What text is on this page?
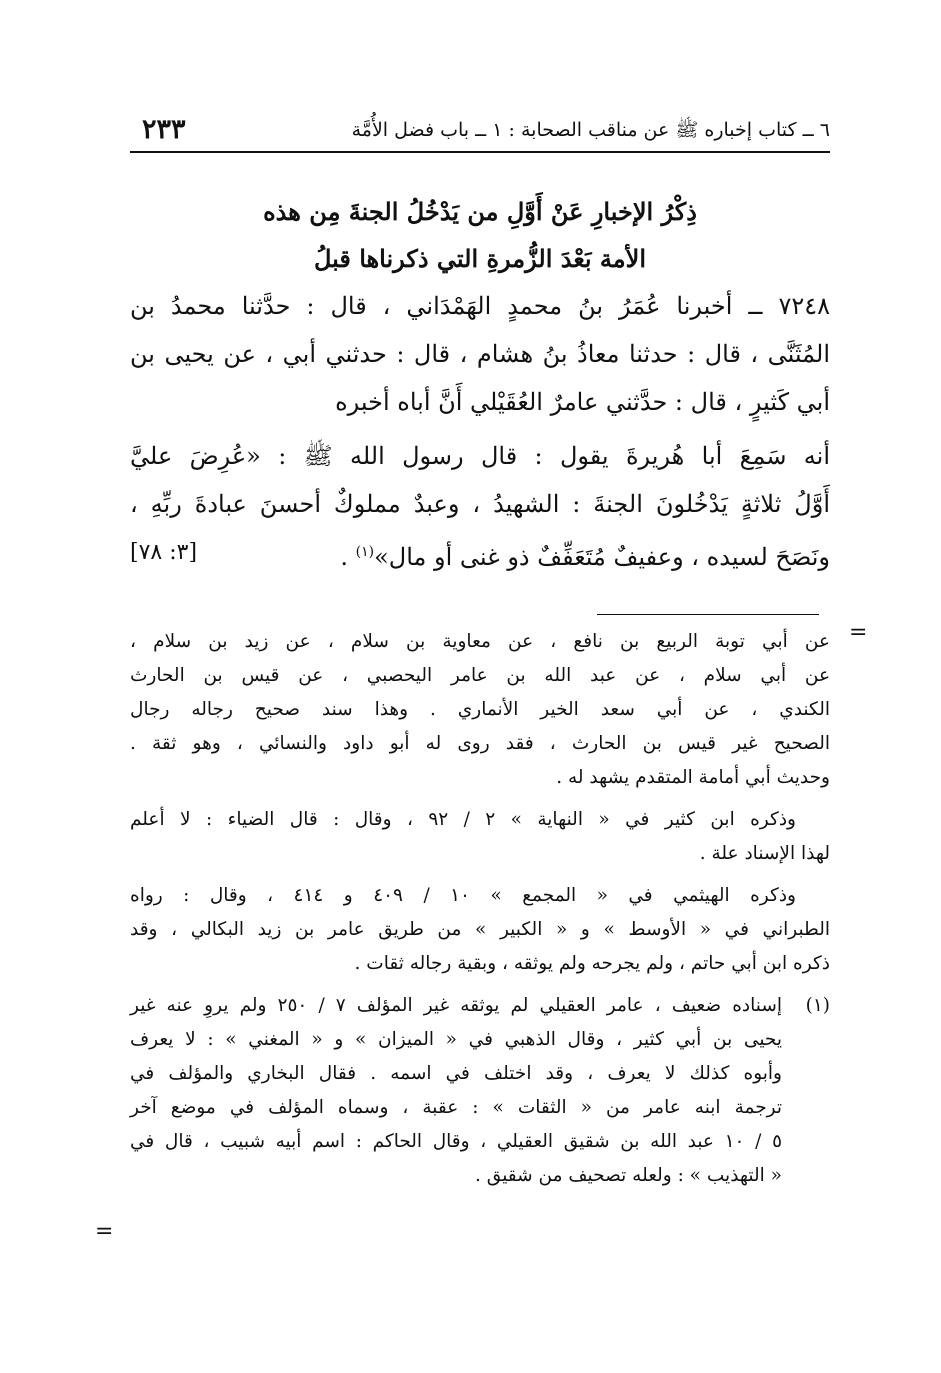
٦ ــ كتاب إخباره ﷺ عن مناقب الصحابة : ١ ــ باب فضل الأُمَّة
٢٣٣
ذِكْرُ الإخبارِ عَنْ أَوَّلِ من يَدْخُلُ الجنةَ مِن هذه
الأمة بَعْدَ الزُّمرةِ التي ذكرناها قبلُ
٧٢٤٨ ــ أخبرنا عُمَرُ بنُ محمدٍ الهَمْدَاني ، قال : حدَّثنا محمدُ بن
المُثَنَّى ، قال : حدثنا معاذُ بنُ هشام ، قال : حدثني أبي ، عن يحيى بن
أبي كَثيرٍ ، قال : حدَّثني عامرٌ العُقَيْلي أَنَّ أباه أخبره
أنه سَمِعَ أبا هُريرةَ يقول : قال رسول الله ﷺ : «عُرِضَ عليَّ
أَوَّلُ ثلاثةٍ يَدْخُلونَ الجنةَ : الشهيدُ ، وعبدٌ مملوكٌ أحسنَ عبادةَ ربِّهِ ،
ونَصَحَ لسيده ، وعفيفٌ مُتَعَفِّفٌ ذو غنى أو مال»$^{(١)}$ .
[٣: ٧٨]
=
عن أبي توبة الربيع بن نافع ، عن معاوية بن سلام ، عن زيد بن سلام ،
عن أبي سلام ، عن عبد الله بن عامر اليحصبي ، عن قيس بن الحارث
الكندي ، عن أبي سعد الخير الأنماري . وهذا سند صحيح رجاله رجال
الصحيح غير قيس بن الحارث ، فقد روى له أبو داود والنسائي ، وهو ثقة .
وحديث أبي أمامة المتقدم يشهد له .
وذكره ابن كثير في « النهاية » ٢ / ٩٢ ، وقال : قال الضياء : لا أعلم
لهذا الإسناد علة .
وذكره الهيثمي في « المجمع » ١٠ / ٤٠٩ و ٤١٤ ، وقال : رواه
الطبراني في « الأوسط » و « الكبير » من طريق عامر بن زيد البكالي ، وقد
ذكره ابن أبي حاتم ، ولم يجرحه ولم يوثقه ، وبقية رجاله ثقات .
(١)
إسناده ضعيف ، عامر العقيلي لم يوثقه غير المؤلف ٧ / ٢٥٠ ولم يروِ عنه غير
يحيى بن أبي كثير ، وقال الذهبي في « الميزان » و « المغني » : لا يعرف
وأبوه كذلك لا يعرف ، وقد اختلف في اسمه . فقال البخاري والمؤلف في
ترجمة ابنه عامر من « الثقات » : عقبة ، وسماه المؤلف في موضع آخر
٥ / ١٠ عبد الله بن شقيق العقيلي ، وقال الحاكم : اسم أبيه شبيب ، قال في
« التهذيب » : ولعله تصحيف من شقيق .
=
